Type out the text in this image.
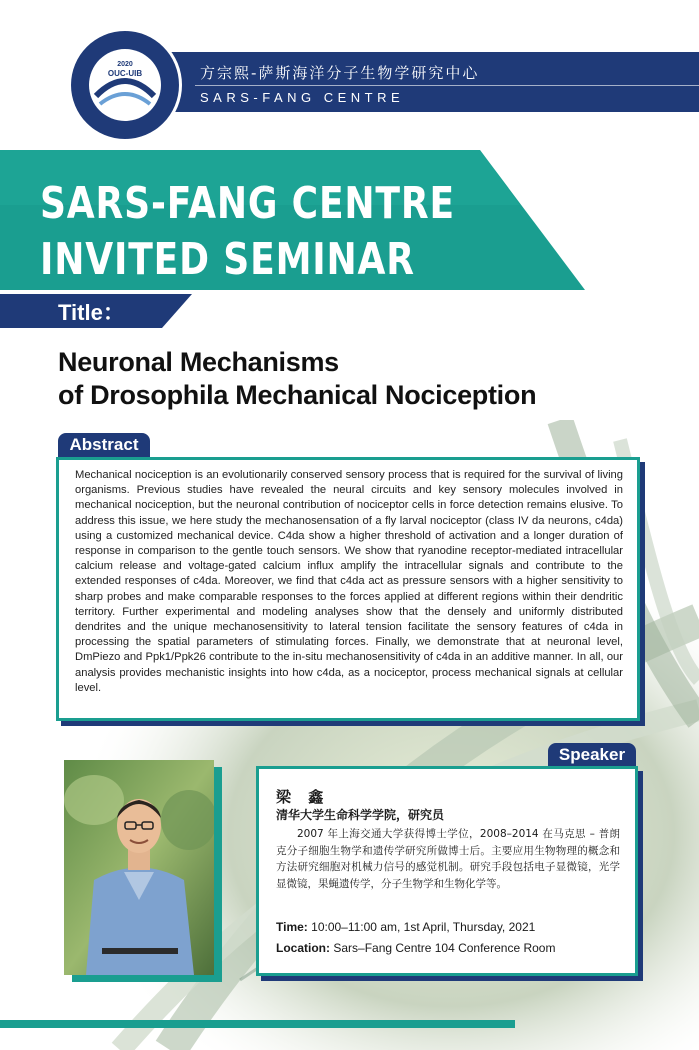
方宗熙-萨斯海洋分子生物学研究中心
SARS-FANG CENTRE
2020
OUC-UIB
SARS-FANG CENTRE
INVITED SEMINAR
Title：
Neuronal Mechanisms
of Drosophila Mechanical Nociception
Abstract
Mechanical nociception is an evolutionarily conserved sensory process that is required for the survival of living organisms. Previous studies have revealed the neural circuits and key sensory molecules involved in mechanical nociception, but the neuronal contribution of nociceptor cells in force detection remains elusive. To address this issue, we here study the mechanosensation of a fly larval nociceptor (class IV da neurons, c4da) using a customized mechanical device. C4da show a higher threshold of activation and a longer duration of response in comparison to the gentle touch sensors. We show that ryanodine receptor-mediated intracellular calcium release and voltage-gated calcium influx amplify the intracellular signals and contribute to the extended responses of c4da. Moreover, we find that c4da act as pressure sensors with a higher sensitivity to sharp probes and make comparable responses to the forces applied at different regions within their dendritic territory. Further experimental and modeling analyses show that the densely and uniformly distributed dendrites and the unique mechanosensitivity to lateral tension facilitate the sensory features of c4da in processing the spatial parameters of stimulating forces. Finally, we demonstrate that at neuronal level, DmPiezo and Ppk1/Ppk26 contribute to the in-situ mechanosensitivity of c4da in an additive manner. In all, our analysis provides mechanistic insights into how c4da, as a nociceptor, process mechanical signals at cellular level.
Speaker
梁 鑫
清华大学生命科学学院，研究员
2007 年上海交通大学获得博士学位，2008–2014 在马克思 – 普朗克分子细胞生物学和遗传学研究所做博士后。主要应用生物物理的概念和方法研究细胞对机械力信号的感觉机制。研究手段包括电子显微镜，光学显微镜，果蝇遗传学，分子生物学和生物化学等。
Time: 10:00–11:00 am, 1st April, Thursday, 2021
Location: Sars–Fang Centre 104 Conference Room
